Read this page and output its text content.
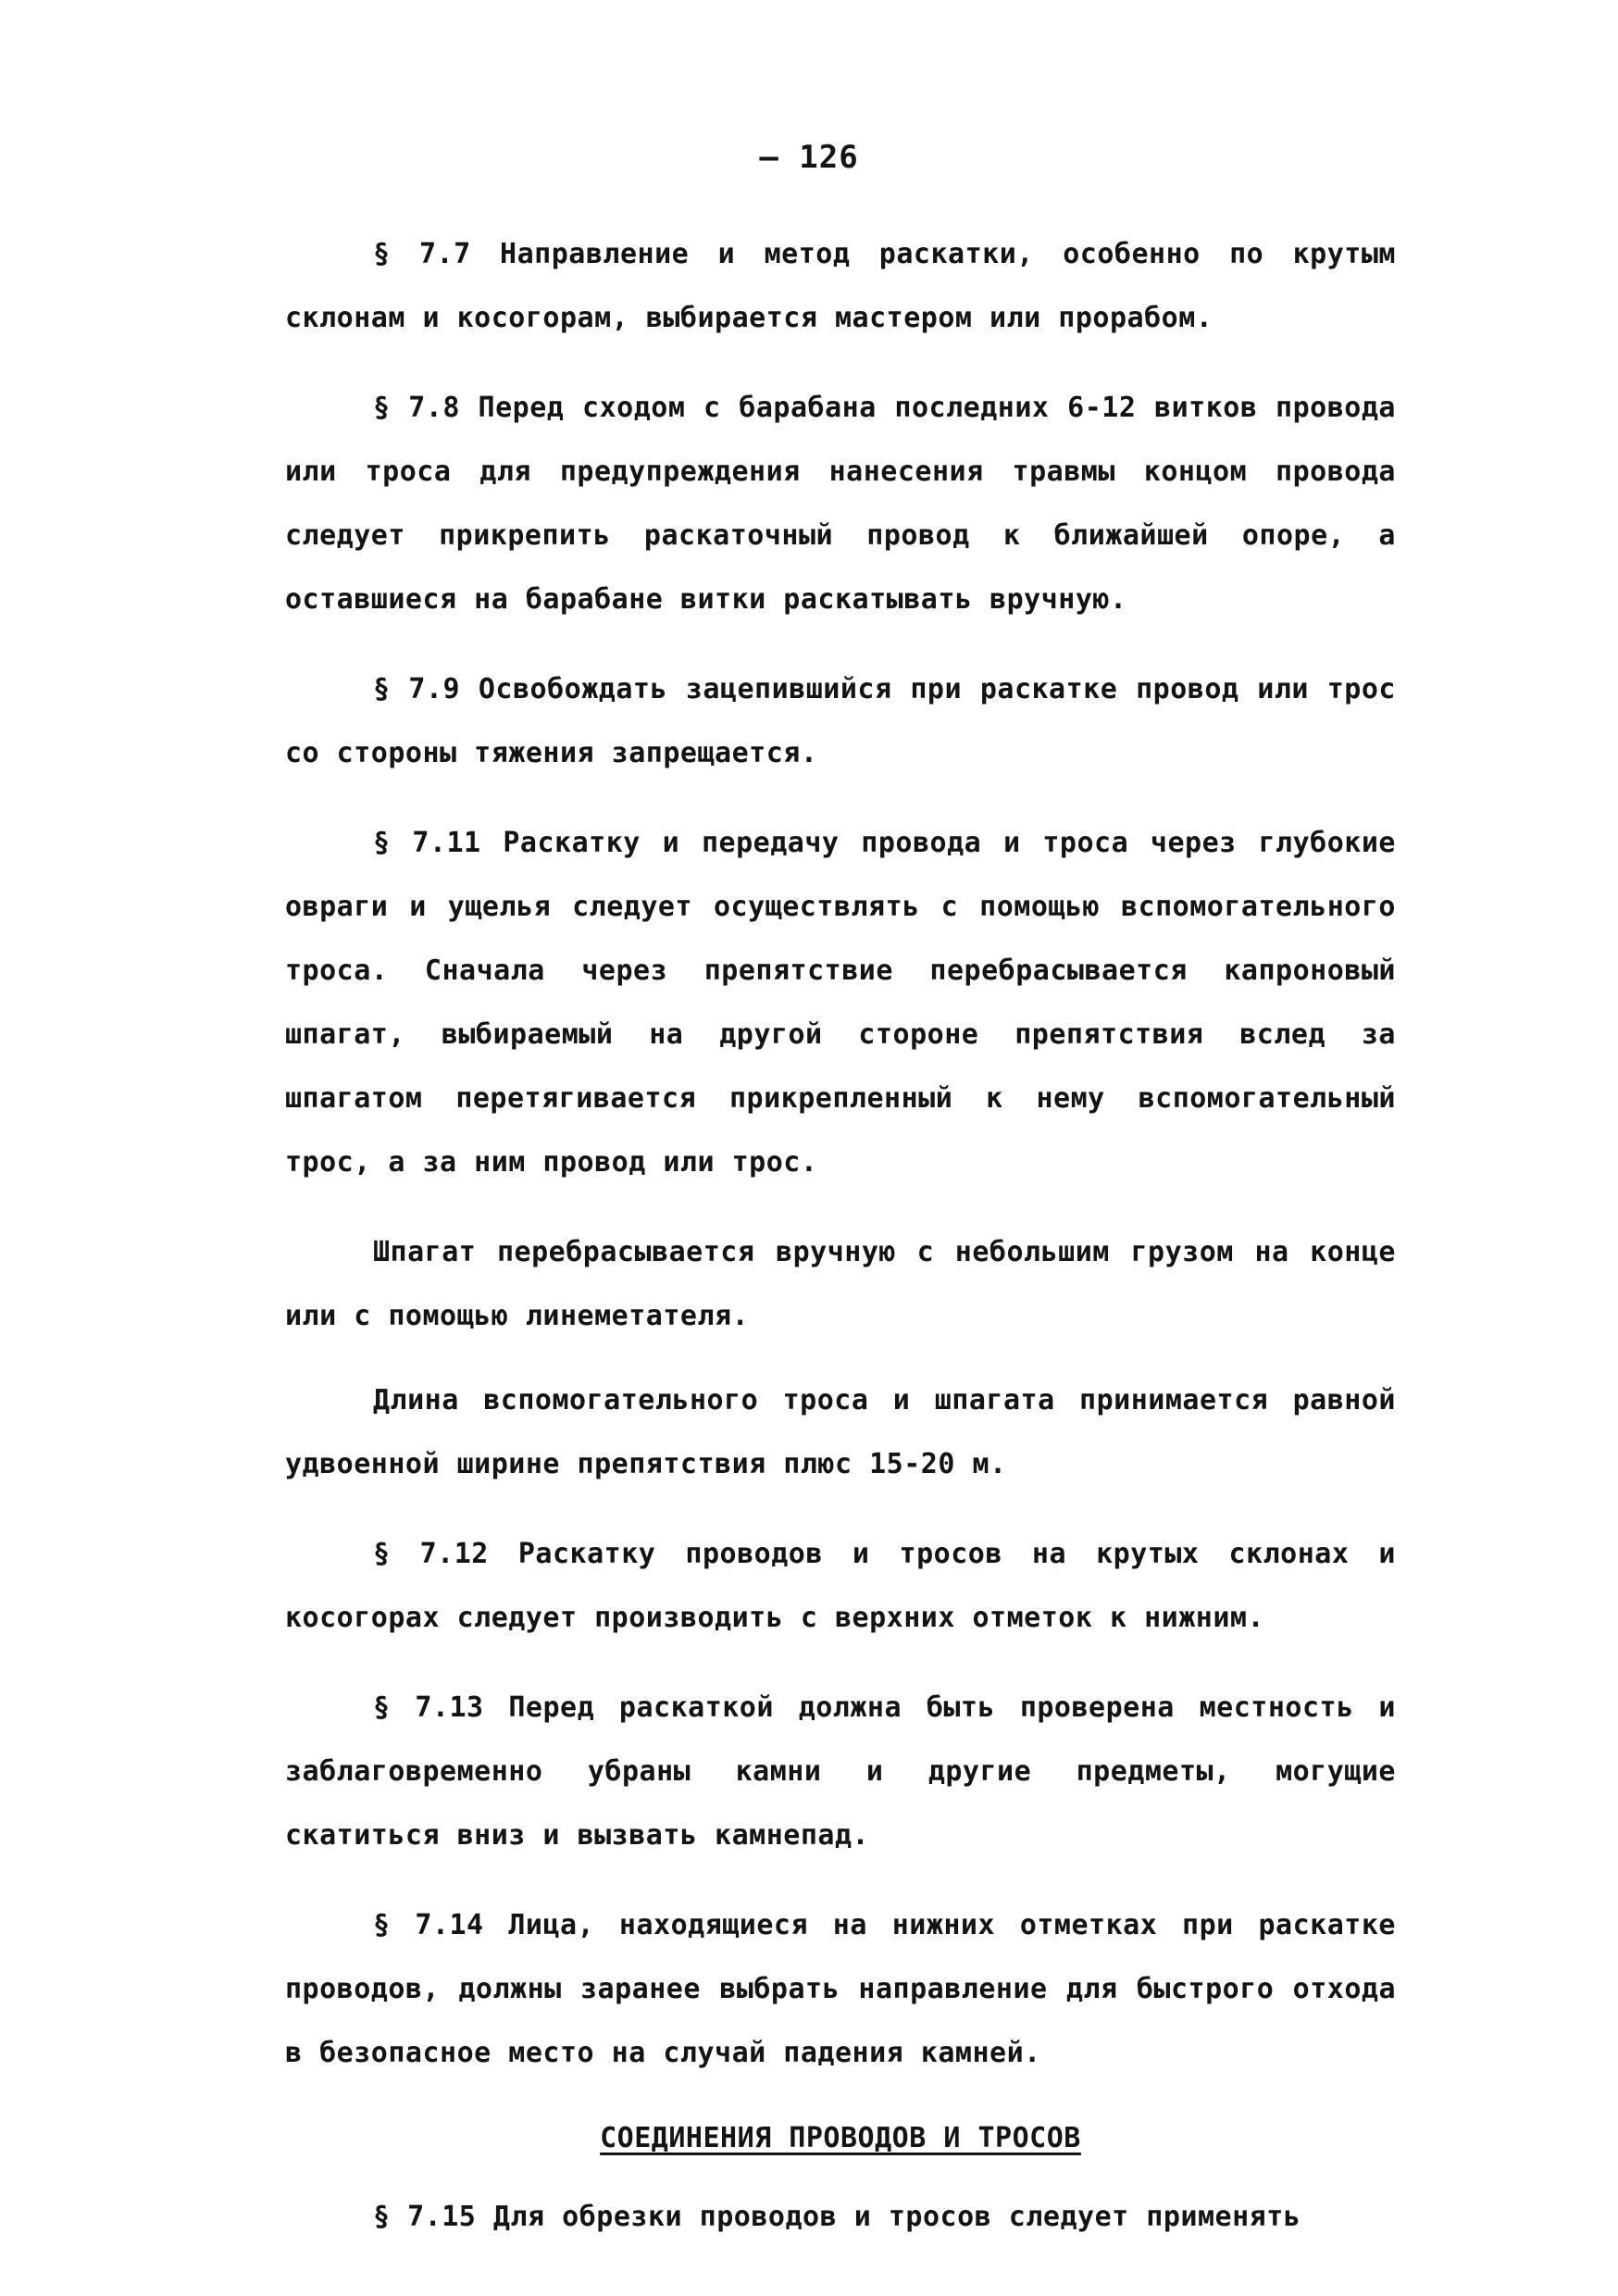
— 126

§ 7.7 Направление и метод раскатки, особенно по крутым склонам и косогорам, выбирается мастером или прорабом.

§ 7.8 Перед сходом с барабана последних 6-12 витков провода или троса для предупреждения нанесения травмы концом провода следует прикрепить раскаточный провод к ближайшей опоре, а оставшиеся на барабане витки раскатывать вручную.

§ 7.9 Освобождать зацепившийся при раскатке провод или трос со стороны тяжения запрещается.

§ 7.11 Раскатку и передачу провода и троса через глубокие овраги и ущелья следует осуществлять с помощью вспомогательного троса. Сначала через препятствие перебрасывается капроновый шпагат, выбираемый на другой стороне препятствия вслед за шпагатом перетягивается прикрепленный к нему вспомогательный трос, а за ним провод или трос.

Шпагат перебрасывается вручную с небольшим грузом на конце или с помощью линеметателя.

Длина вспомогательного троса и шпагата принимается равной удвоенной ширине препятствия плюс 15-20 м.

§ 7.12 Раскатку проводов и тросов на крутых склонах и косогорах следует производить с верхних отметок к нижним.

§ 7.13 Перед раскаткой должна быть проверена местность и заблаговременно убраны камни и другие предметы, могущие скатиться вниз и вызвать камнепад.

§ 7.14 Лица, находящиеся на нижних отметках при раскатке проводов, должны заранее выбрать направление для быстрого отхода в безопасное место на случай падения камней.

СОЕДИНЕНИЯ ПРОВОДОВ И ТРОСОВ

§ 7.15 Для обрезки проводов и тросов следует применять
